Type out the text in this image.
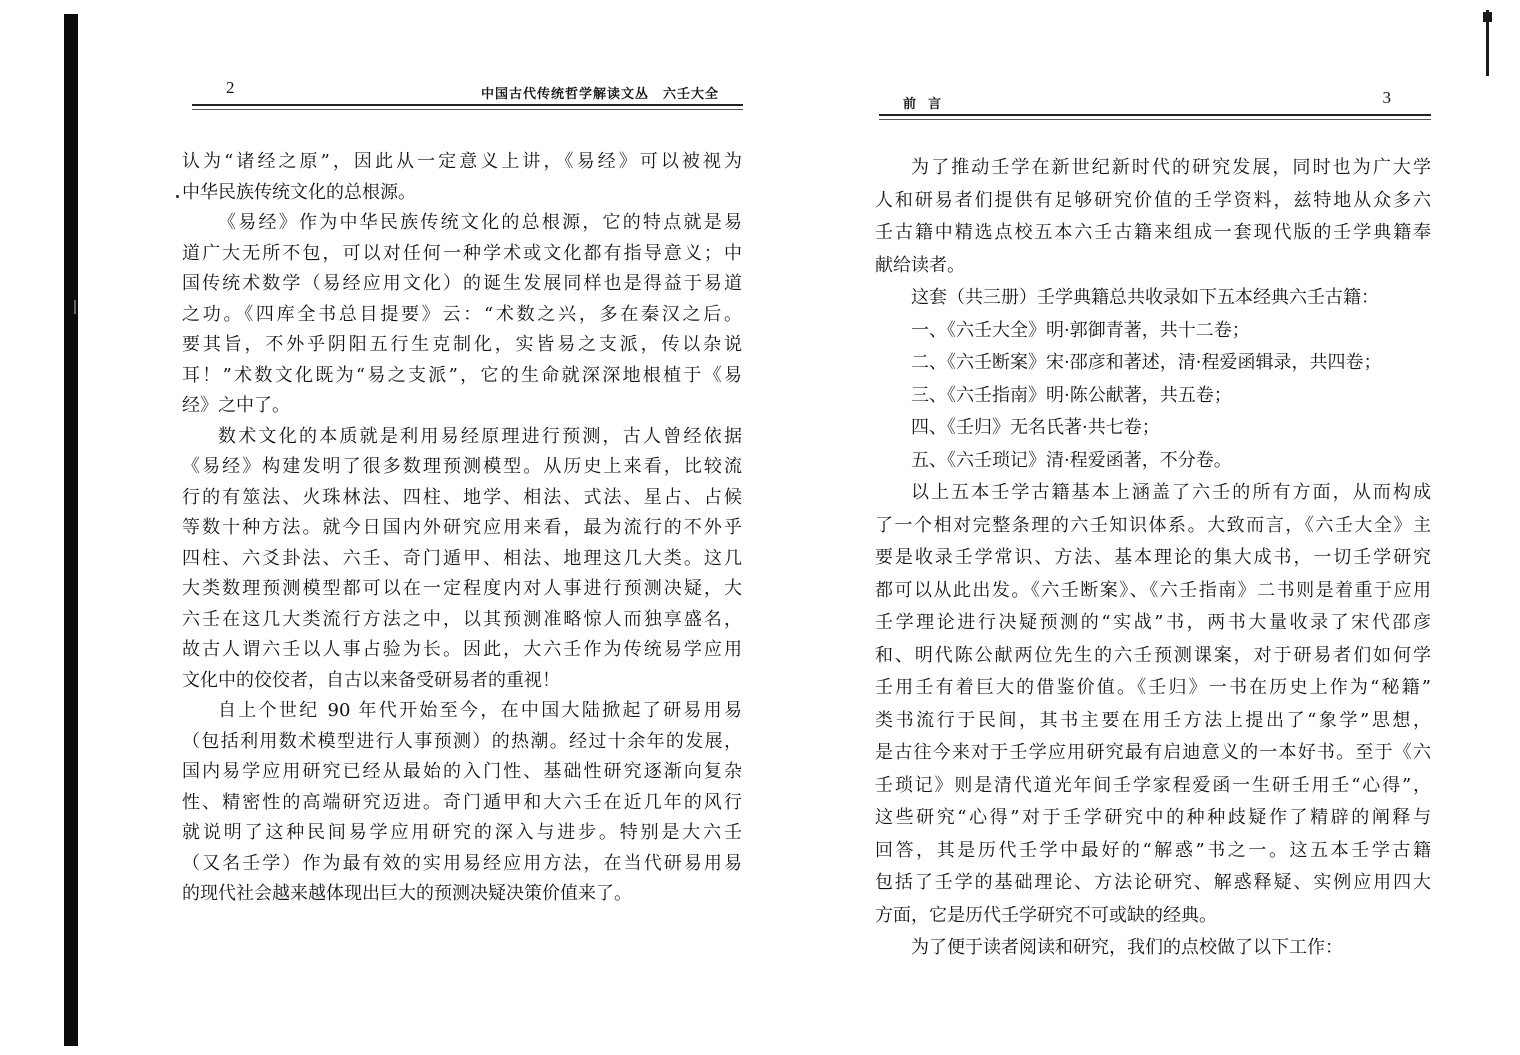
2	中国古代传统哲学解读文丛　六壬大全
认为“诸经之原”，因此从一定意义上讲，《易经》可以被视为
中华民族传统文化的总根源。
《易经》作为中华民族传统文化的总根源，它的特点就是易
道广大无所不包，可以对任何一种学术或文化都有指导意义；中
国传统术数学（易经应用文化）的诞生发展同样也是得益于易道
之功。《四库全书总目提要》云：“术数之兴，多在秦汉之后。
要其旨，不外乎阴阳五行生克制化，实皆易之支派，传以杂说
耳！”术数文化既为“易之支派”，它的生命就深深地根植于《易
经》之中了。
数术文化的本质就是利用易经原理进行预测，古人曾经依据
《易经》构建发明了很多数理预测模型。从历史上来看，比较流
行的有筮法、火珠林法、四柱、地学、相法、式法、星占、占候
等数十种方法。就今日国内外研究应用来看，最为流行的不外乎
四柱、六爻卦法、六壬、奇门遁甲、相法、地理这几大类。这几
大类数理预测模型都可以在一定程度内对人事进行预测决疑，大
六壬在这几大类流行方法之中，以其预测准略惊人而独享盛名，
故古人谓六壬以人事占验为长。因此，大六壬作为传统易学应用
文化中的佼佼者，自古以来备受研易者的重视！
自上个世纪 90 年代开始至今，在中国大陆掀起了研易用易
（包括利用数术模型进行人事预测）的热潮。经过十余年的发展，
国内易学应用研究已经从最始的入门性、基础性研究逐渐向复杂
性、精密性的高端研究迈进。奇门遁甲和大六壬在近几年的风行
就说明了这种民间易学应用研究的深入与进步。特别是大六壬
（又名壬学）作为最有效的实用易经应用方法，在当代研易用易
的现代社会越来越体现出巨大的预测决疑决策价值来了。
前言	3
为了推动壬学在新世纪新时代的研究发展，同时也为广大学
人和研易者们提供有足够研究价值的壬学资料，兹特地从众多六
壬古籍中精选点校五本六壬古籍来组成一套现代版的壬学典籍奉
献给读者。
这套（共三册）壬学典籍总共收录如下五本经典六壬古籍：
一、《六壬大全》明·郭御青著，共十二卷；
二、《六壬断案》宋·邵彦和著述，清·程爱函辑录，共四卷；
三、《六壬指南》明·陈公献著，共五卷；
四、《壬归》无名氏著·共七卷；
五、《六壬琐记》清·程爱函著，不分卷。
以上五本壬学古籍基本上涵盖了六壬的所有方面，从而构成
了一个相对完整条理的六壬知识体系。大致而言，《六壬大全》主
要是收录壬学常识、方法、基本理论的集大成书，一切壬学研究
都可以从此出发。《六壬断案》、《六壬指南》二书则是着重于应用
壬学理论进行决疑预测的“实战”书，两书大量收录了宋代邵彦
和、明代陈公献两位先生的六壬预测课案，对于研易者们如何学
壬用壬有着巨大的借鉴价值。《壬归》一书在历史上作为“秘籍”
类书流行于民间，其书主要在用壬方法上提出了“象学”思想，
是古往今来对于壬学应用研究最有启迪意义的一本好书。至于《六
壬琐记》则是清代道光年间壬学家程爱函一生研壬用壬“心得”，
这些研究“心得”对于壬学研究中的种种歧疑作了精辟的阐释与
回答，其是历代壬学中最好的“解惑”书之一。这五本壬学古籍
包括了壬学的基础理论、方法论研究、解惑释疑、实例应用四大
方面，它是历代壬学研究不可或缺的经典。
为了便于读者阅读和研究，我们的点校做了以下工作：
